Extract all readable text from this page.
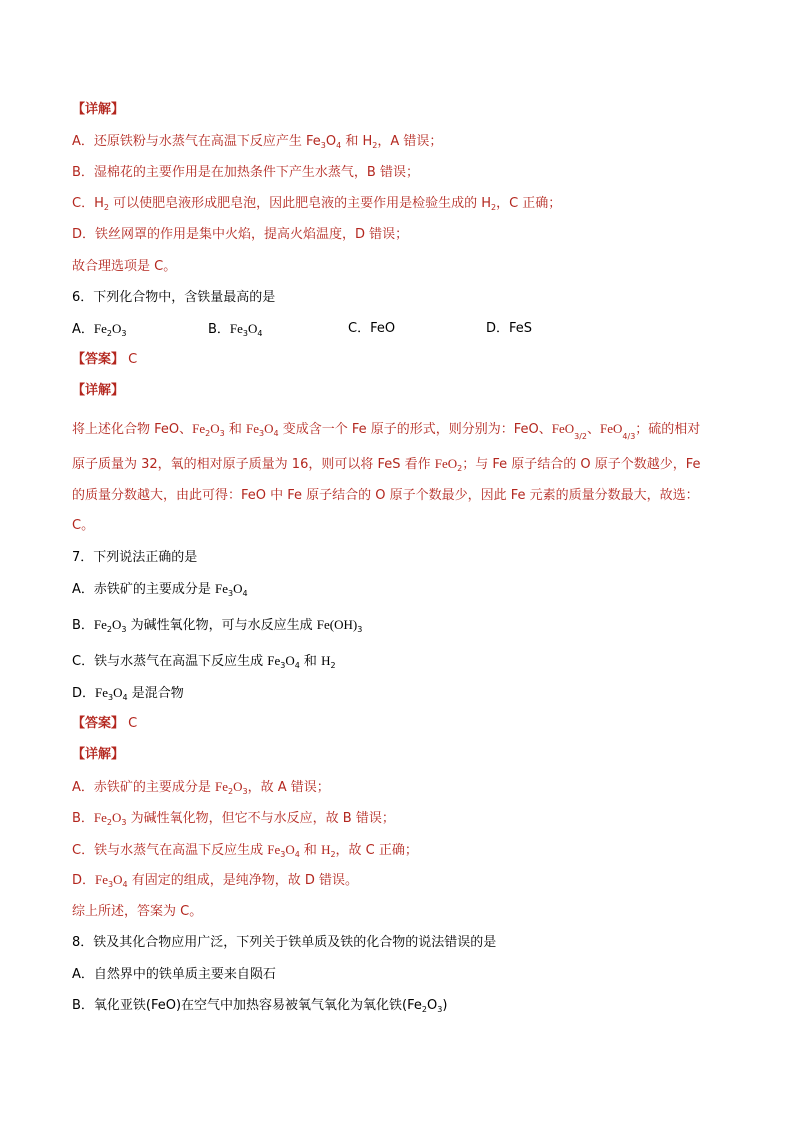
【详解】
A．还原铁粉与水蒸气在高温下反应产生 $Fe_3O_4$ 和 $H_2$，A 错误；
B．湿棉花的主要作用是在加热条件下产生水蒸气，B 错误；
C．$H_2$ 可以使肥皂液形成肥皂泡，因此肥皂液的主要作用是检验生成的 $H_2$，C 正确；
D．铁丝网罩的作用是集中火焰，提高火焰温度，D 错误；
故合理选项是 C。
6．下列化合物中，含铁量最高的是
A．$Fe_2O_3$	B．$Fe_3O_4$	C．FeO	D．FeS
【答案】 C
【详解】
将上述化合物 FeO、$Fe_2O_3$ 和 $Fe_3O_4$ 变成含一个 Fe 原子的形式，则分别为：FeO、FeO3/2、FeO4/3；硫的相对
原子质量为 32，氧的相对原子质量为 16，则可以将 FeS 看作 FeO$_2$；与 Fe 原子结合的 O 原子个数越少，Fe
的质量分数越大，由此可得：FeO 中 Fe 原子结合的 O 原子个数最少，因此 Fe 元素的质量分数最大，故选：
C。
7．下列说法正确的是
A．赤铁矿的主要成分是 $Fe_3O_4$
B．$Fe_2O_3$ 为碱性氧化物，可与水反应生成 $Fe(OH)_3$
C．铁与水蒸气在高温下反应生成 $Fe_3O_4$ 和 $H_2$
D．$Fe_3O_4$ 是混合物
【答案】 C
【详解】
A．赤铁矿的主要成分是 $Fe_2O_3$，故 A 错误；
B．$Fe_2O_3$ 为碱性氧化物，但它不与水反应，故 B 错误；
C．铁与水蒸气在高温下反应生成 $Fe_3O_4$ 和 $H_2$，故 C 正确；
D．$Fe_3O_4$ 有固定的组成，是纯净物，故 D 错误。
综上所述，答案为 C。
8．铁及其化合物应用广泛，下列关于铁单质及铁的化合物的说法错误的是
A．自然界中的铁单质主要来自陨石
B．氧化亚铁(FeO)在空气中加热容易被氧气氧化为氧化铁$(Fe_2O_3)$
